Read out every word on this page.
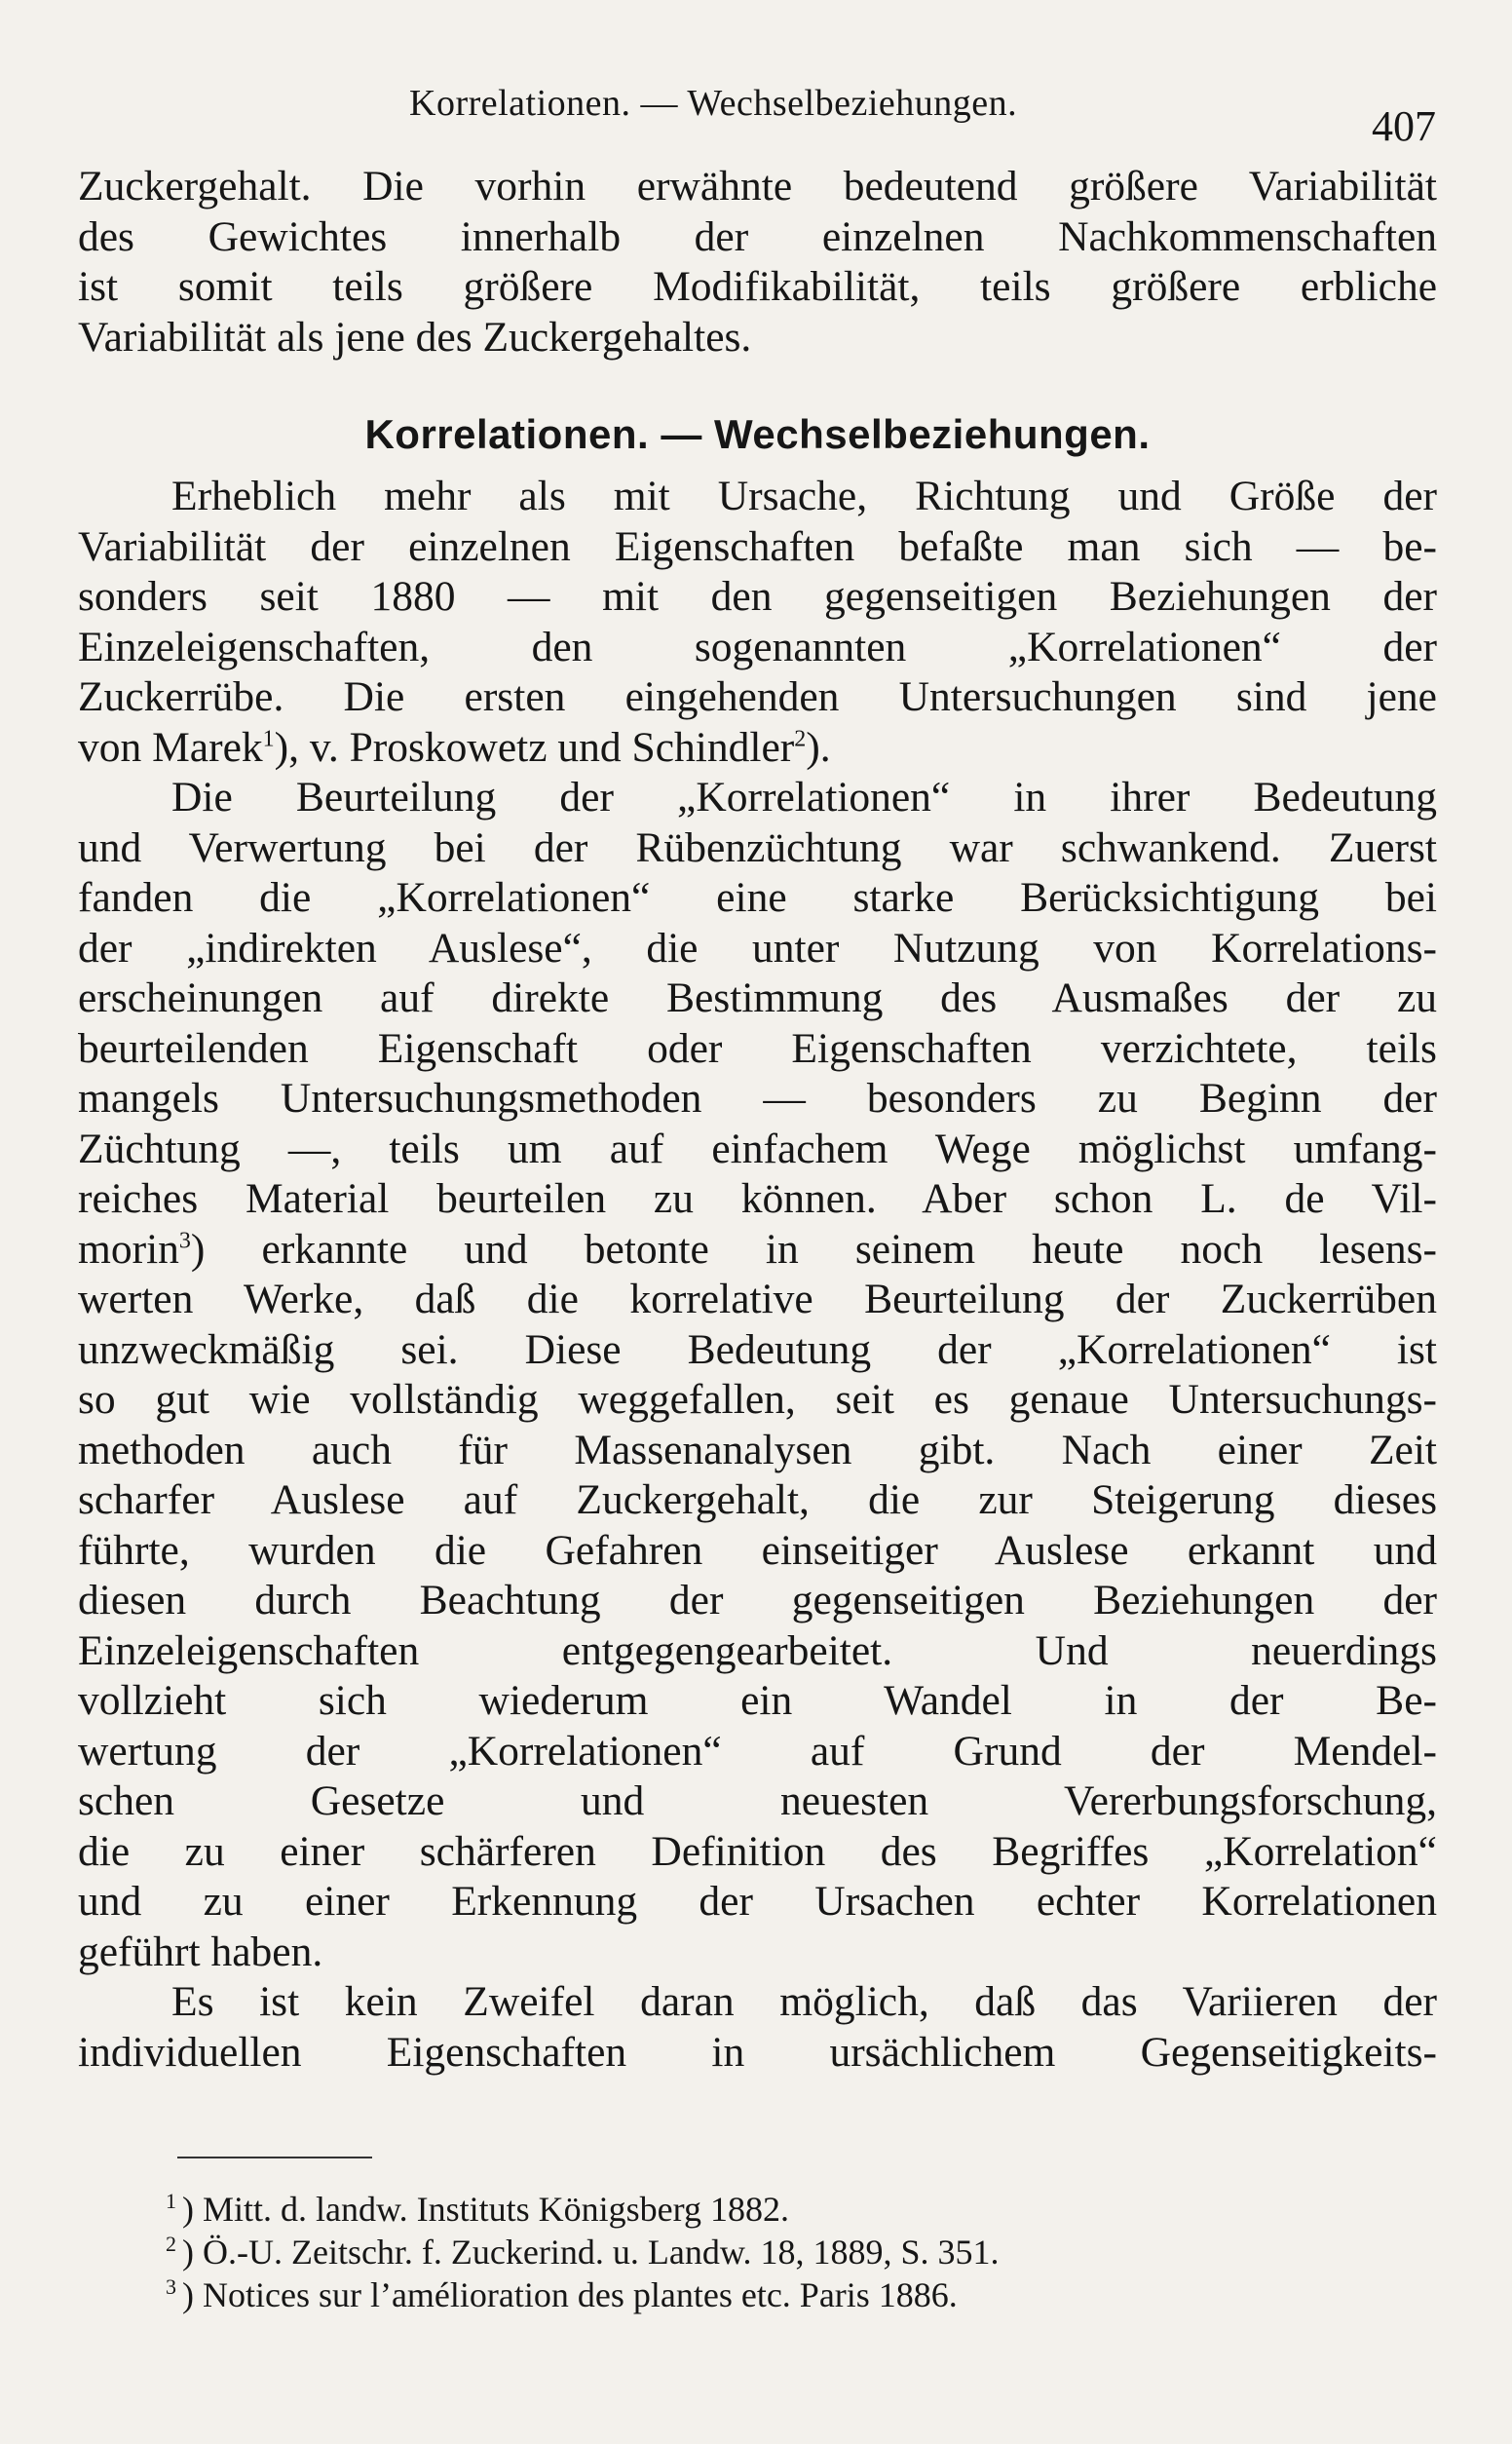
Korrelationen. — Wechselbeziehungen.	407
Zuckergehalt. Die vorhin erwähnte bedeutend größere Variabilität
des Gewichtes innerhalb der einzelnen Nachkommenschaften
ist somit teils größere Modifikabilität, teils größere erbliche
Variabilität als jene des Zuckergehaltes.
Korrelationen. — Wechselbeziehungen.
Erheblich mehr als mit Ursache, Richtung und Größe der
Variabilität der einzelnen Eigenschaften befaßte man sich — be-
sonders seit 1880 — mit den gegenseitigen Beziehungen der
Einzeleigenschaften, den sogenannten „Korrelationen“ der
Zuckerrübe. Die ersten eingehenden Untersuchungen sind jene
von Marek$^1$), v. Proskowetz und Schindler$^2$).
Die Beurteilung der „Korrelationen“ in ihrer Bedeutung
und Verwertung bei der Rübenzüchtung war schwankend. Zuerst
fanden die „Korrelationen“ eine starke Berücksichtigung bei
der „indirekten Auslese“, die unter Nutzung von Korrelations-
erscheinungen auf direkte Bestimmung des Ausmaßes der zu
beurteilenden Eigenschaft oder Eigenschaften verzichtete, teils
mangels Untersuchungsmethoden — besonders zu Beginn der
Züchtung —, teils um auf einfachem Wege möglichst umfang-
reiches Material beurteilen zu können. Aber schon L. de Vil-
morin$^3$) erkannte und betonte in seinem heute noch lesens-
werten Werke, daß die korrelative Beurteilung der Zuckerrüben
unzweckmäßig sei. Diese Bedeutung der „Korrelationen“ ist
so gut wie vollständig weggefallen, seit es genaue Untersuchungs-
methoden auch für Massenanalysen gibt. Nach einer Zeit
scharfer Auslese auf Zuckergehalt, die zur Steigerung dieses
führte, wurden die Gefahren einseitiger Auslese erkannt und
diesen durch Beachtung der gegenseitigen Beziehungen der
Einzeleigenschaften entgegengearbeitet. Und neuerdings
vollzieht sich wiederum ein Wandel in der Be-
wertung der „Korrelationen“ auf Grund der Mendel-
schen Gesetze und neuesten Vererbungsforschung,
die zu einer schärferen Definition des Begriffes „Korrelation“
und zu einer Erkennung der Ursachen echter Korrelationen
geführt haben.
Es ist kein Zweifel daran möglich, daß das Variieren der
individuellen Eigenschaften in ursächlichem Gegenseitigkeits-
$^1$ ) Mitt. d. landw. Instituts Königsberg 1882.
$^2$ ) Ö.-U. Zeitschr. f. Zuckerind. u. Landw. 18, 1889, S. 351.
$^3$ ) Notices sur l’amélioration des plantes etc. Paris 1886.
